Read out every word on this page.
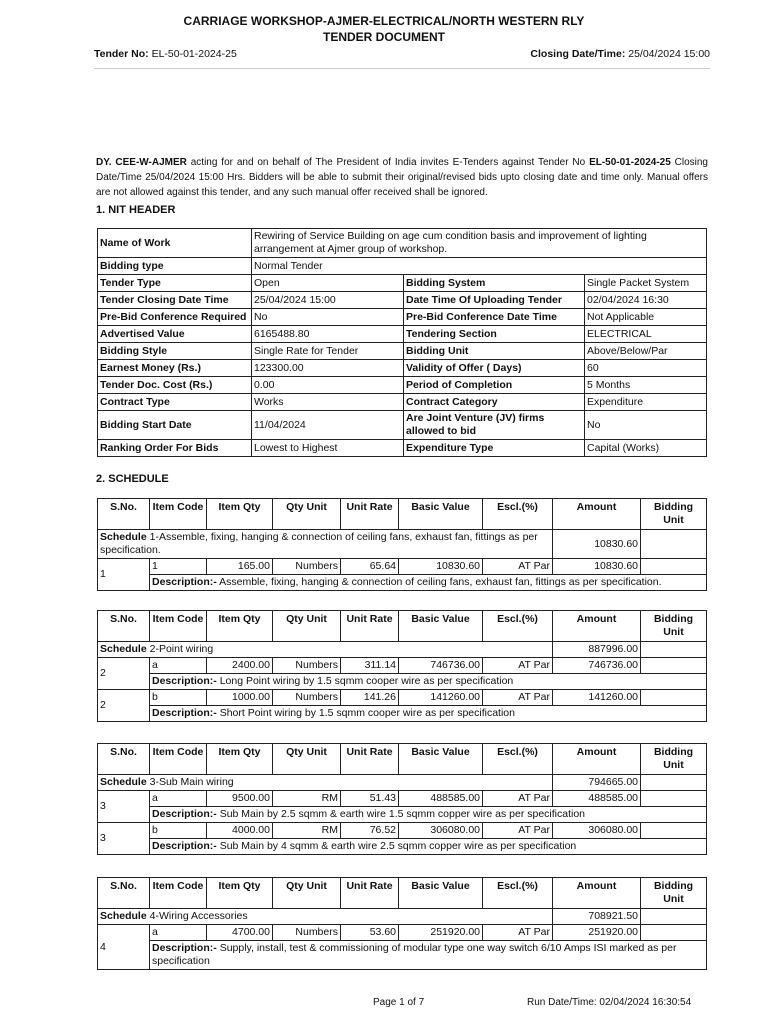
CARRIAGE WORKSHOP-AJMER-ELECTRICAL/NORTH WESTERN RLY
TENDER DOCUMENT
Tender No: EL-50-01-2024-25	Closing Date/Time: 25/04/2024 15:00
DY. CEE-W-AJMER acting for and on behalf of The President of India invites E-Tenders against Tender No EL-50-01-2024-25 Closing Date/Time 25/04/2024 15:00 Hrs. Bidders will be able to submit their original/revised bids upto closing date and time only. Manual offers are not allowed against this tender, and any such manual offer received shall be ignored.
1. NIT HEADER
Name of Work	Rewiring of Service Building on age cum condition basis and improvement of lighting arrangement at Ajmer group of workshop.		
Bidding type	Normal Tender		
Tender Type	Open	Bidding System	Single Packet System
Tender Closing Date Time	25/04/2024 15:00	Date Time Of Uploading Tender	02/04/2024 16:30
Pre-Bid Conference Required	No	Pre-Bid Conference Date Time	Not Applicable
Advertised Value	6165488.80	Tendering Section	ELECTRICAL
Bidding Style	Single Rate for Tender	Bidding Unit	Above/Below/Par
Earnest Money (Rs.)	123300.00	Validity of Offer ( Days)	60
Tender Doc. Cost (Rs.)	0.00	Period of Completion	5 Months
Contract Type	Works	Contract Category	Expenditure
Bidding Start Date	11/04/2024	Are Joint Venture (JV) firms allowed to bid	No
Ranking Order For Bids	Lowest to Highest	Expenditure Type	Capital (Works)
2. SCHEDULE
S.No.	Item Code	Item Qty	Qty Unit	Unit Rate	Basic Value	Escl.(%)	Amount	Bidding Unit
Schedule 1-Assemble, fixing, hanging & connection of ceiling fans, exhaust fan, fittings as per specification.							10830.60	
1	1	165.00	Numbers	65.64	10830.60	AT Par	10830.60	
	Description:- Assemble, fixing, hanging & connection of ceiling fans, exhaust fan, fittings as per specification.							
S.No.	Item Code	Item Qty	Qty Unit	Unit Rate	Basic Value	Escl.(%)	Amount	Bidding Unit
Schedule 2-Point wiring							887996.00	
2	a	2400.00	Numbers	311.14	746736.00	AT Par	746736.00	
	Description:- Long Point wiring by 1.5 sqmm cooper wire as per specification							
2	b	1000.00	Numbers	141.26	141260.00	AT Par	141260.00	
	Description:- Short Point wiring by 1.5 sqmm cooper wire as per specification							
S.No.	Item Code	Item Qty	Qty Unit	Unit Rate	Basic Value	Escl.(%)	Amount	Bidding Unit
Schedule 3-Sub Main wiring							794665.00	
3	a	9500.00	RM	51.43	488585.00	AT Par	488585.00	
	Description:- Sub Main by 2.5 sqmm & earth wire 1.5 sqmm copper wire as per specification							
3	b	4000.00	RM	76.52	306080.00	AT Par	306080.00	
	Description:- Sub Main by 4 sqmm & earth wire 2.5 sqmm copper wire as per specification							
S.No.	Item Code	Item Qty	Qty Unit	Unit Rate	Basic Value	Escl.(%)	Amount	Bidding Unit
Schedule 4-Wiring Accessories							708921.50	
4	a	4700.00	Numbers	53.60	251920.00	AT Par	251920.00	
	Description:- Supply, install, test & commissioning of modular type one way switch 6/10 Amps ISI marked as per specification							
Page 1 of 7	Run Date/Time: 02/04/2024 16:30:54
